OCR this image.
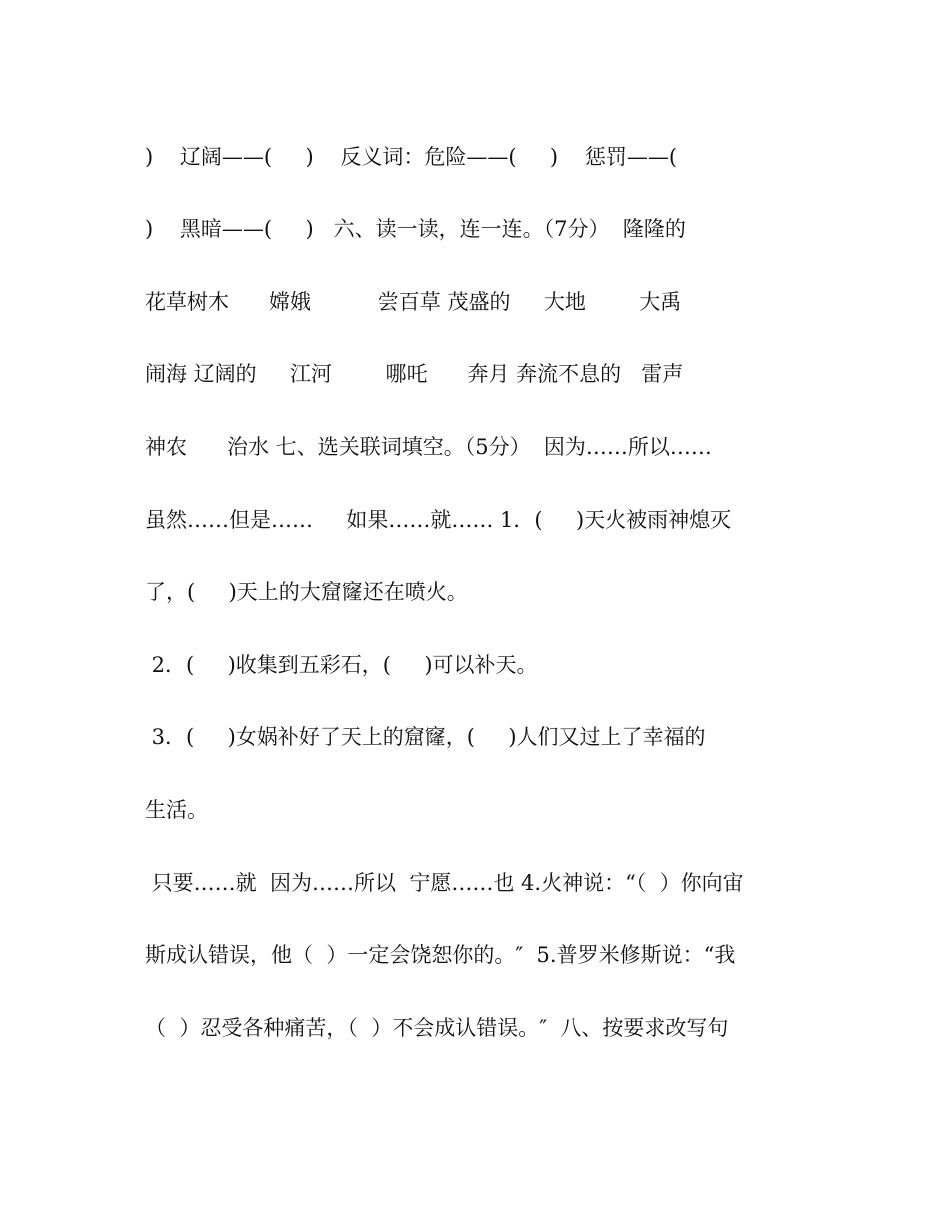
)    辽阔——(     )    反义词：危险——(     )    惩罚——(
)    黑暗——(     )   六、读一读，连一连。（7分）  隆隆的
花草树木      嫦娥          尝百草 茂盛的     大地        大禹
闹海 辽阔的     江河        哪吒      奔月 奔流不息的   雷声
神农      治水 七、选关联词填空。（5分）  因为……所以……
虽然……但是……     如果……就…… 1．(     )天火被雨神熄灭
了，(     )天上的大窟窿还在喷火。
2．(     )收集到五彩石，(     )可以补天。
3．(     )女娲补好了天上的窟窿，(     )人们又过上了幸福的
生活。
只要……就  因为……所以  宁愿……也 4.火神说：“（  ）你向宙
斯成认错误，他（  ）一定会饶恕你的。″  5.普罗米修斯说：“我
（  ）忍受各种痛苦，（  ）不会成认错误。″  八、按要求改写句
